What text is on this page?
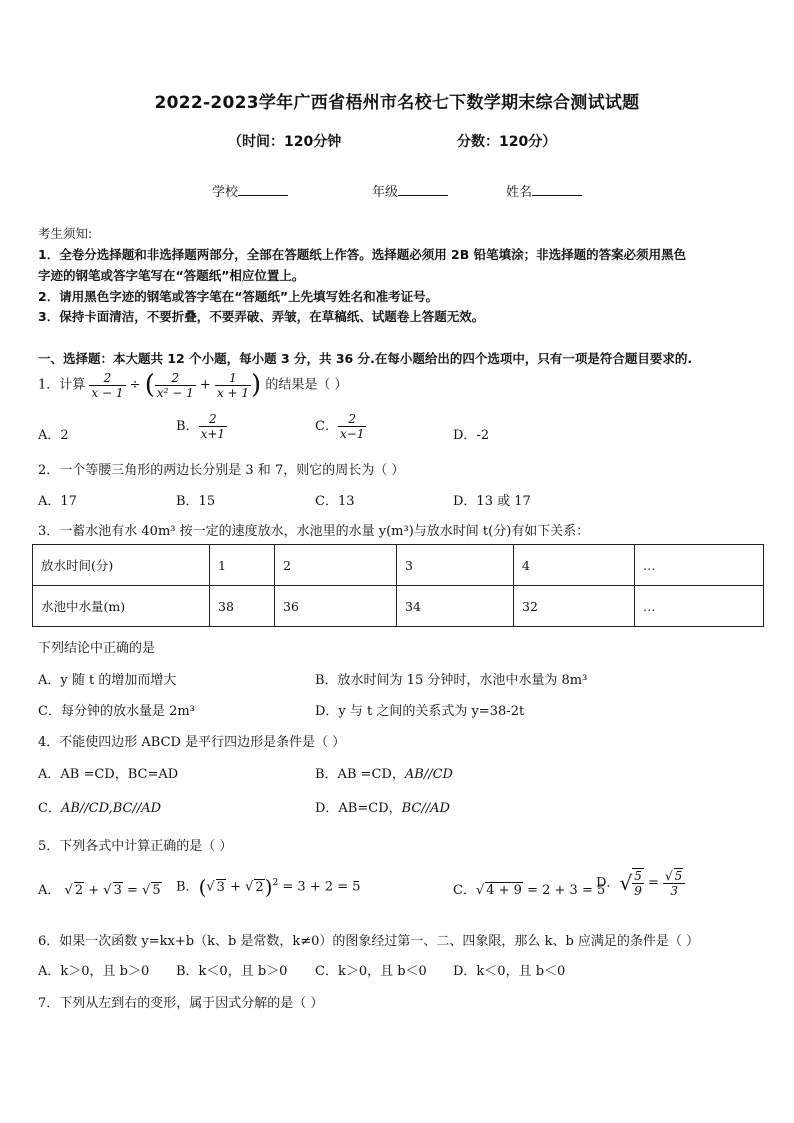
2022-2023学年广西省梧州市名校七下数学期末综合测试试题
（时间：120分钟	分数：120分）
学校	年级	姓名
考生须知:
1．全卷分选择题和非选择题两部分，全部在答题纸上作答。选择题必须用 2B 铅笔填涂；非选择题的答案必须用黑色
字迹的钢笔或答字笔写在“答题纸”相应位置上。
2．请用黑色字迹的钢笔或答字笔在“答题纸”上先填写姓名和准考证号。
3．保持卡面清洁，不要折叠，不要弄破、弄皱，在草稿纸、试题卷上答题无效。
一、选择题：本大题共 12 个小题，每小题 3 分，共 36 分.在每小题给出的四个选项中，只有一项是符合题目要求的.
1．计算 $\frac{2}{x - 1}$ ÷ ( $\frac{2}{\text{x² − 1}} + \frac{1}{x + 1}$ ) 的结果是（ ）
A．2
B． $\frac{2}{x+1}$	C． $\frac{2}{x-1}$	D．-2
2．一个等腰三角形的两边长分别是 3 和 7，则它的周长为（ ）
A．17	B．15	C．13	D．13 或 17
3．一蓄水池有水 40m³ 按一定的速度放水，水池里的水量 y(m³)与放水时间 t(分)有如下关系：
放水时间(分)	1	2	3	4	…
水池中水量(m)	38	36	34	32	…
下列结论中正确的是
A．y 随 t 的增加而增大	B．放水时间为 15 分钟时，水池中水量为 8m³
C．每分钟的放水量是 2m³	D．y 与 t 之间的关系式为 y=38-2t
4．不能使四边形 ABCD 是平行四边形是条件是（ ）
A．AB =CD，BC=AD	B．AB =CD，AB//CD
C．AB//CD,BC//AD	D．AB=CD，BC//AD
5．下列各式中计算正确的是（ ）
A． √ 2 + √ 3 = √ 5 B．(√ 3 + √ 2)$^2$ = 3 + 2 = 5	C．√ 4 + 9 = 2 + 3 = 5
D．√ $\frac{5}{9} = \frac{√ 5}{3}$
6．如果一次函数 y=kx+b（k、b 是常数，k≠0）的图象经过第一、二、四象限，那么 k、b 应满足的条件是（ ）
A．k＞0，且 b＞0 B．k＜0，且 b＞0 C．k＞0，且 b＜0 D．k＜0，且 b＜0
7．下列从左到右的变形，属于因式分解的是（ ）
